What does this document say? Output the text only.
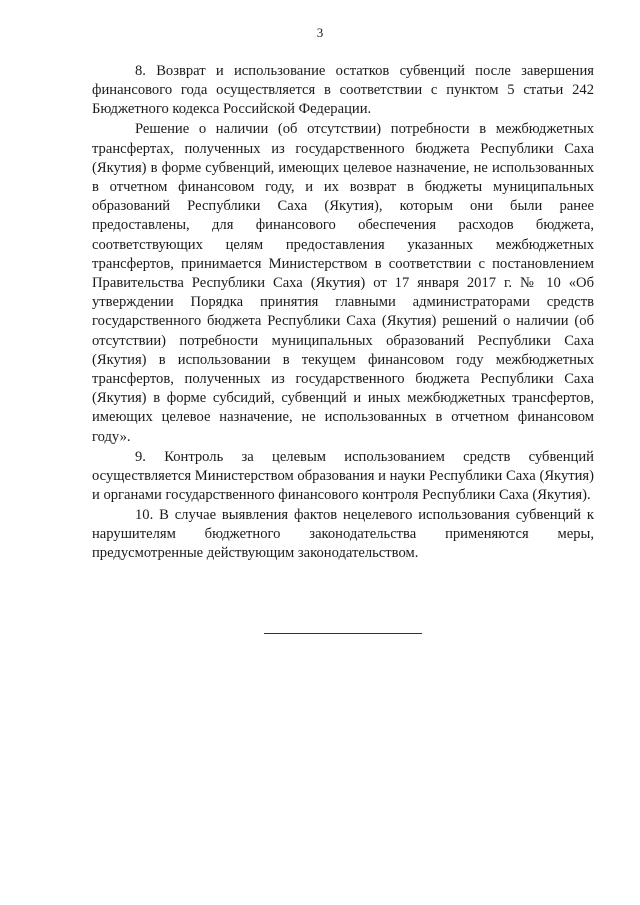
3

8. Возврат и использование остатков субвенций после завершения финансового года осуществляется в соответствии с пунктом 5 статьи 242 Бюджетного кодекса Российской Федерации.

Решение о наличии (об отсутствии) потребности в межбюджетных трансфертах, полученных из государственного бюджета Республики Саха (Якутия) в форме субвенций, имеющих целевое назначение, не использованных в отчетном финансовом году, и их возврат в бюджеты муниципальных образований Республики Саха (Якутия), которым они были ранее предоставлены, для финансового обеспечения расходов бюджета, соответствующих целям предоставления указанных межбюджетных трансфертов, принимается Министерством в соответствии с постановлением Правительства Республики Саха (Якутия) от 17 января 2017 г. № 10 «Об утверждении Порядка принятия главными администраторами средств государственного бюджета Республики Саха (Якутия) решений о наличии (об отсутствии) потребности муниципальных образований Республики Саха (Якутия) в использовании в текущем финансовом году межбюджетных трансфертов, полученных из государственного бюджета Республики Саха (Якутия) в форме субсидий, субвенций и иных межбюджетных трансфертов, имеющих целевое назначение, не использованных в отчетном финансовом году».

9. Контроль за целевым использованием средств субвенций осуществляется Министерством образования и науки Республики Саха (Якутия) и органами государственного финансового контроля Республики Саха (Якутия).

10. В случае выявления фактов нецелевого использования субвенций к нарушителям бюджетного законодательства применяются меры, предусмотренные действующим законодательством.
